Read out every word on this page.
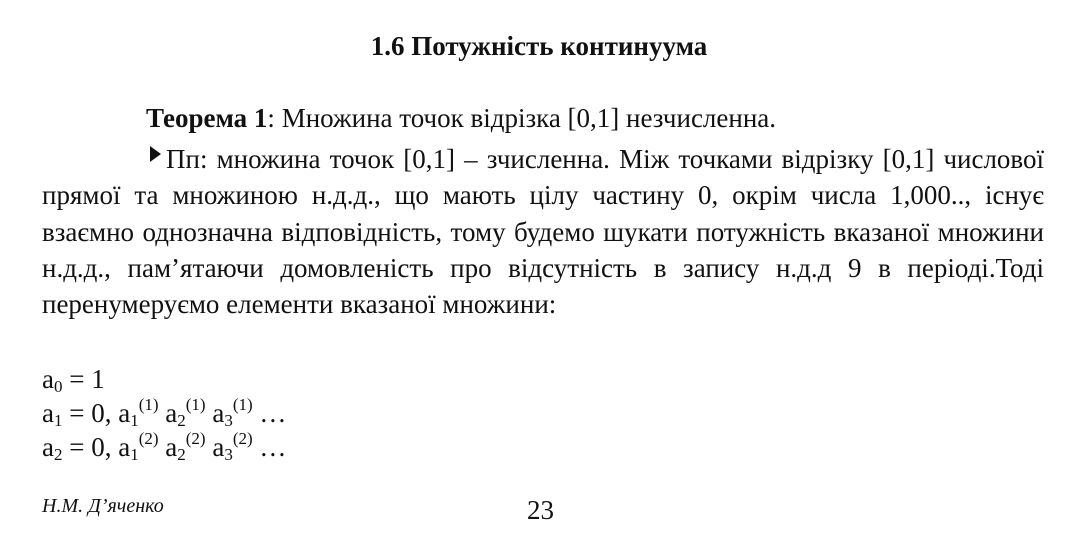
1.6 Потужність континуума
Теорема 1: Множина точок відрізка [0,1] незчисленна.
Пп: множина точок [0,1] – зчисленна. Між точками відрізку [0,1] числової прямої та множиною н.д.д., що мають цілу частину 0, окрім числа 1,000.., існує взаємно однозначна відповідність, тому будемо шукати потужність вказаної множини н.д.д., пам’ятаючи домовленість про відсутність в запису н.д.д 9 в періоді.Тоді перенумеруємо елементи вказаної множини:
$a_0 = 1$
$a_1 = 0$, $a_1^{(1)}$ $a_2^{(1)}$ $a_3^{(1)}$ …
$a_2 = 0$, $a_1^{(2)}$ $a_2^{(2)}$ $a_3^{(2)}$ …
Н.М. Д’яченко	23
